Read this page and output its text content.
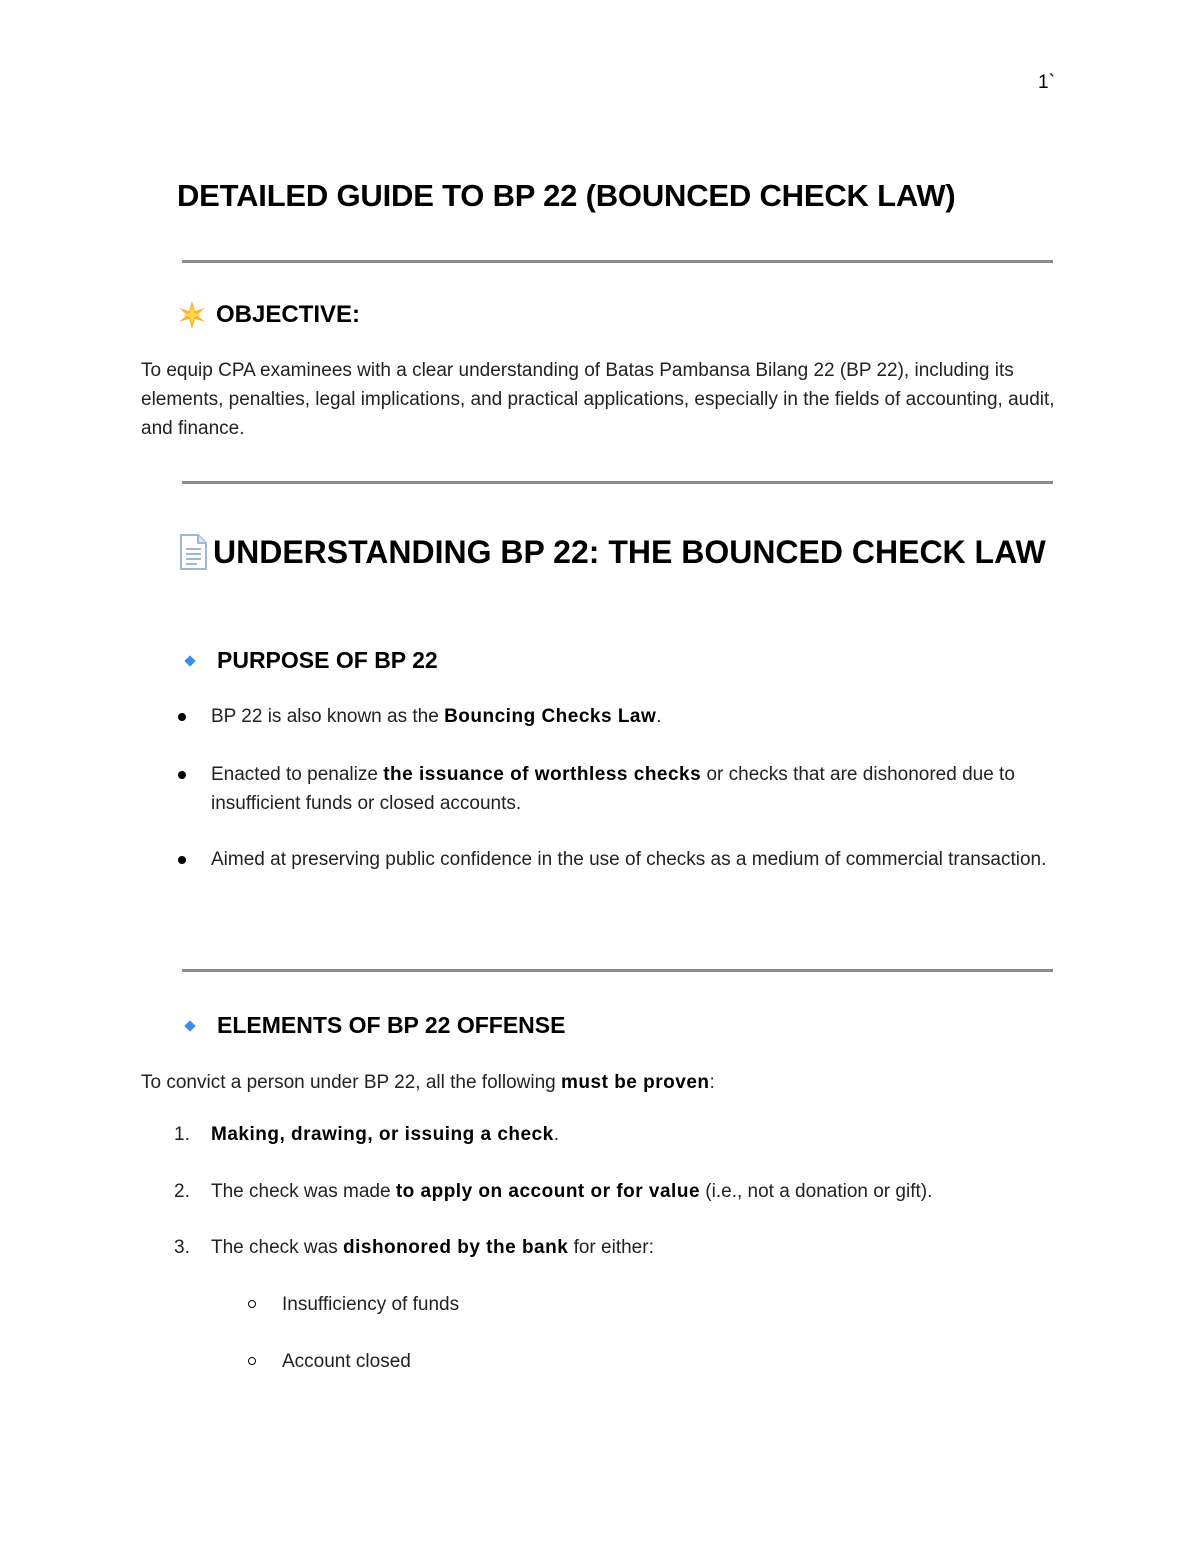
1`
DETAILED GUIDE TO BP 22 (BOUNCED CHECK LAW)
OBJECTIVE:

To equip CPA examinees with a clear understanding of Batas Pambansa Bilang 22 (BP 22), including its elements, penalties, legal implications, and practical applications, especially in the fields of accounting, audit, and finance.

UNDERSTANDING BP 22: THE BOUNCED CHECK LAW
PURPOSE OF BP 22
BP 22 is also known as the Bouncing Checks Law.
Enacted to penalize the issuance of worthless checks or checks that are dishonored due to insufficient funds or closed accounts.
Aimed at preserving public confidence in the use of checks as a medium of commercial transaction.
ELEMENTS OF BP 22 OFFENSE

To convict a person under BP 22, all the following must be proven:

1. Making, drawing, or issuing a check.
2. The check was made to apply on account or for value (i.e., not a donation or gift).
3. The check was dishonored by the bank for either:
Insufficiency of funds
Account closed
